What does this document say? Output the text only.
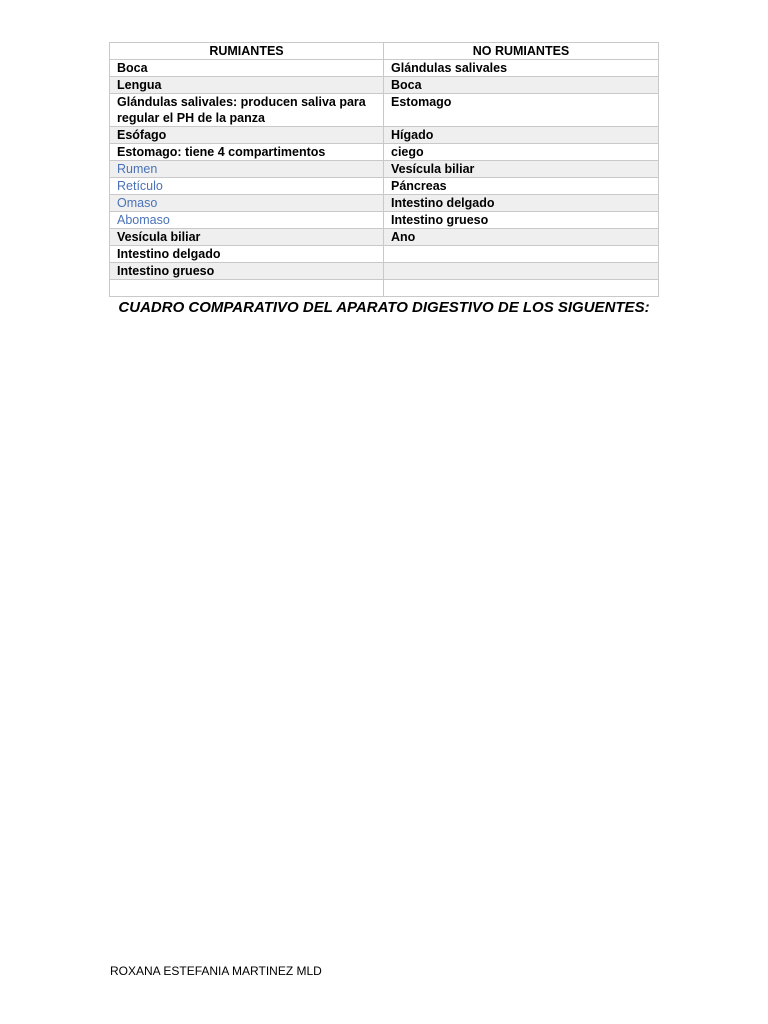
RUMIANTES	NO RUMIANTES
Boca	Glándulas salivales
Lengua	Boca
Glándulas salivales: producen saliva para regular el PH de la panza	Estomago
Esófago	Hígado
Estomago: tiene 4 compartimentos	ciego
Rumen	Vesícula biliar
Retículo	Páncreas
Omaso	Intestino delgado
Abomaso	Intestino grueso
Vesícula biliar	Ano
Intestino delgado	
Intestino grueso	

CUADRO COMPARATIVO DEL APARATO DIGESTIVO DE LOS SIGUENTES:
ROXANA ESTEFANIA MARTINEZ MLD
